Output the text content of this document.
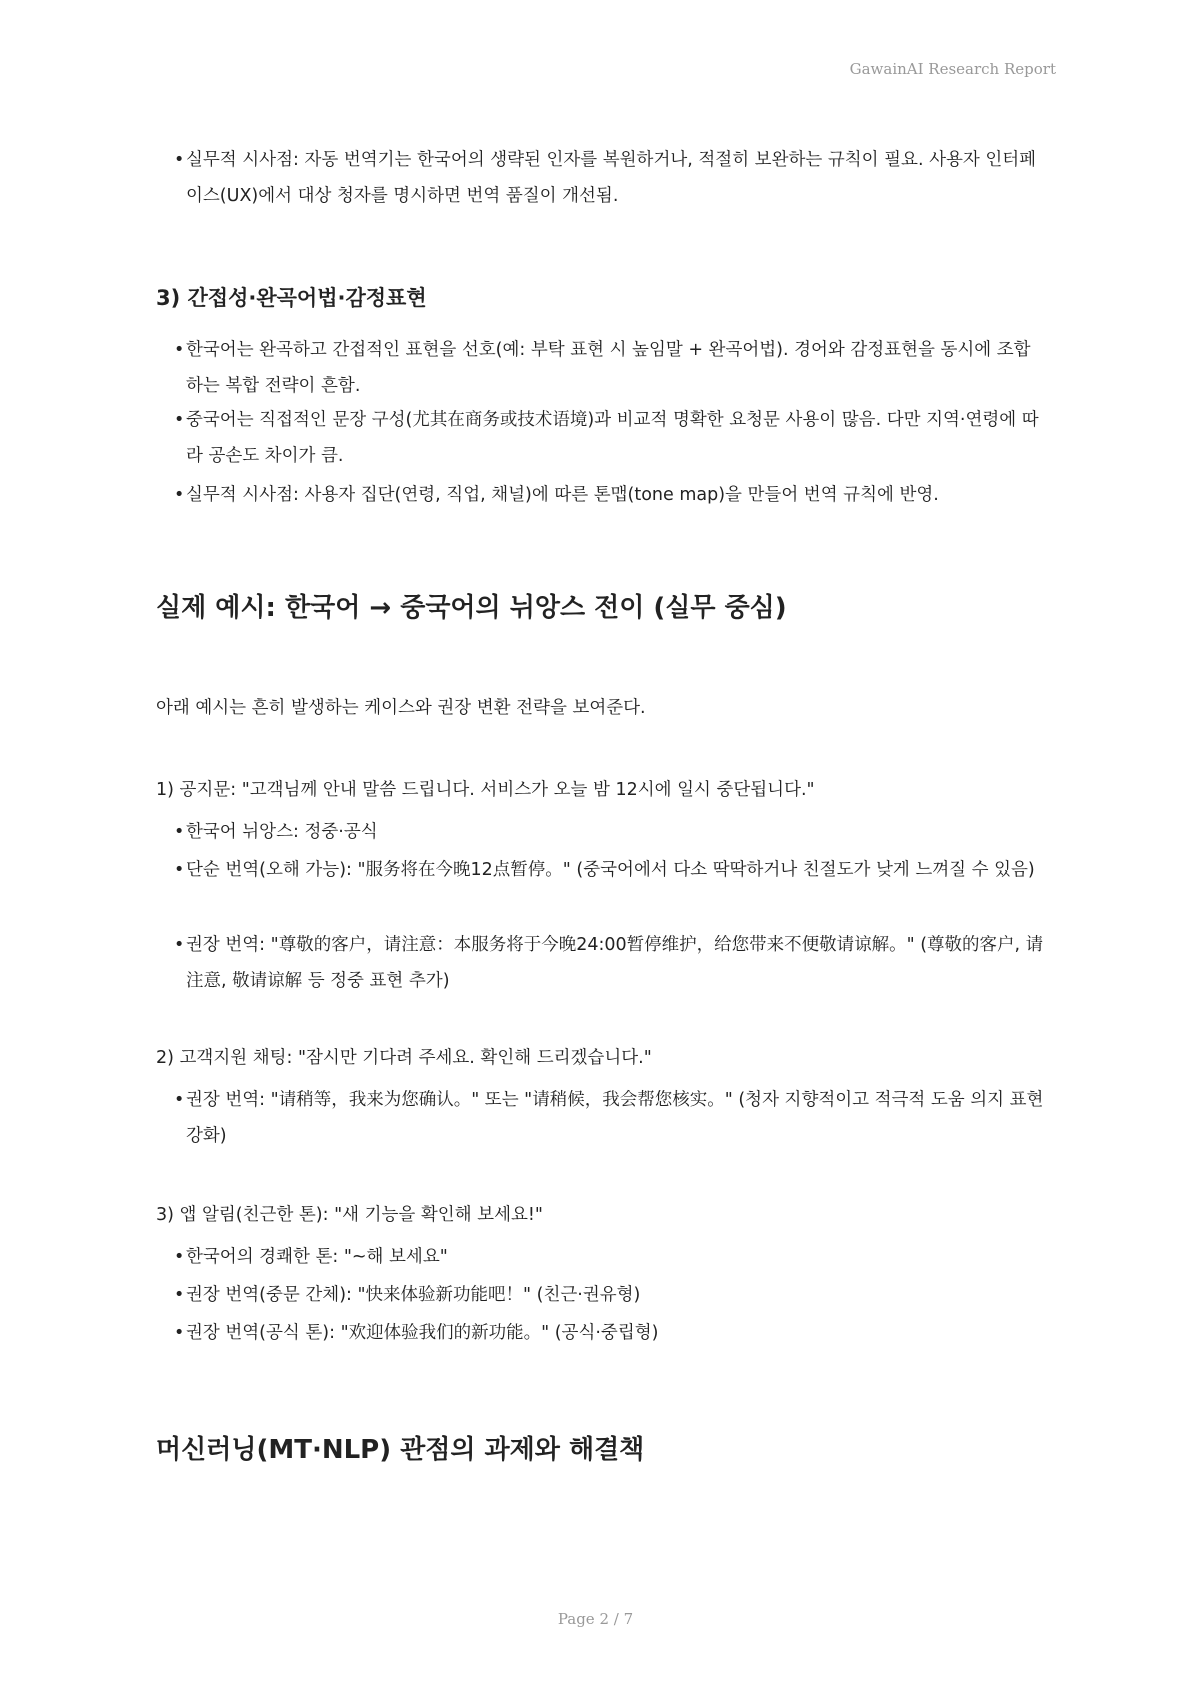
GawainAI Research Report
• 실무적 시사점: 자동 번역기는 한국어의 생략된 인자를 복원하거나, 적절히 보완하는 규칙이 필요. 사용자 인터페이스(UX)에서 대상 청자를 명시하면 번역 품질이 개선됨.
3) 간접성·완곡어법·감정표현
• 한국어는 완곡하고 간접적인 표현을 선호(예: 부탁 표현 시 높임말 + 완곡어법). 경어와 감정표현을 동시에 조합하는 복합 전략이 흔함.
• 중국어는 직접적인 문장 구성(尤其在商务或技术语境)과 비교적 명확한 요청문 사용이 많음. 다만 지역·연령에 따라 공손도 차이가 큼.
• 실무적 시사점: 사용자 집단(연령, 직업, 채널)에 따른 톤맵(tone map)을 만들어 번역 규칙에 반영.
실제 예시: 한국어 → 중국어의 뉘앙스 전이 (실무 중심)
아래 예시는 흔히 발생하는 케이스와 권장 변환 전략을 보여준다.
1) 공지문: "고객님께 안내 말씀 드립니다. 서비스가 오늘 밤 12시에 일시 중단됩니다."
• 한국어 뉘앙스: 정중·공식
• 단순 번역(오해 가능): "服务将在今晚12点暂停。" (중국어에서 다소 딱딱하거나 친절도가 낮게 느껴질 수 있음)
• 권장 번역: "尊敬的客户，请注意：本服务将于今晚24:00暂停维护，给您带来不便敬请谅解。" (尊敬的客户, 请注意, 敬请谅解 등 정중 표현 추가)
2) 고객지원 채팅: "잠시만 기다려 주세요. 확인해 드리겠습니다."
• 권장 번역: "请稍等，我来为您确认。" 또는 "请稍候，我会帮您核实。" (청자 지향적이고 적극적 도움 의지 표현 강화)
3) 앱 알림(친근한 톤): "새 기능을 확인해 보세요!"
• 한국어의 경쾌한 톤: "~해 보세요"
• 권장 번역(중문 간체): "快来体验新功能吧！" (친근·권유형)
• 권장 번역(공식 톤): "欢迎体验我们的新功能。" (공식·중립형)
머신러닝(MT·NLP) 관점의 과제와 해결책
Page 2 / 7
